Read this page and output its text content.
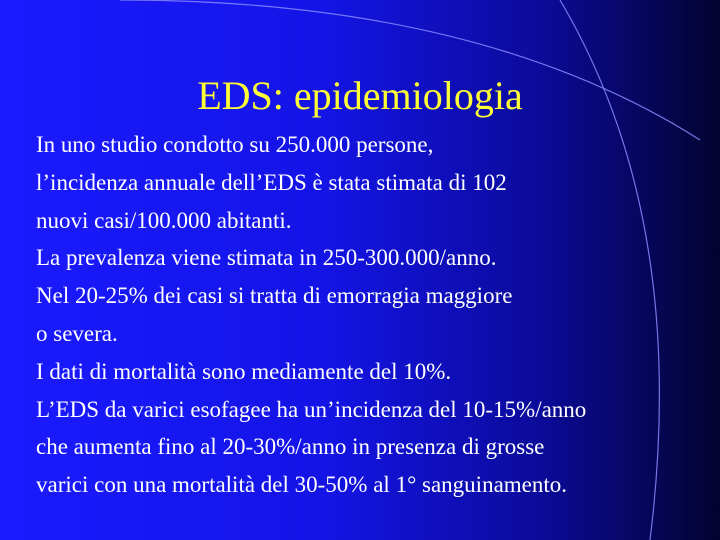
EDS: epidemiologia
In uno studio condotto su 250.000 persone,
l’incidenza annuale dell’EDS è stata stimata di 102
nuovi casi/100.000 abitanti.
La prevalenza viene stimata in 250-300.000/anno.
Nel 20-25% dei casi si tratta di emorragia maggiore
o severa.
I dati di mortalità sono mediamente del 10%.
L’EDS da varici esofagee ha un’incidenza del 10-15%/anno
che aumenta fino al 20-30%/anno in presenza di grosse
varici con una mortalità del 30-50% al 1° sanguinamento.
